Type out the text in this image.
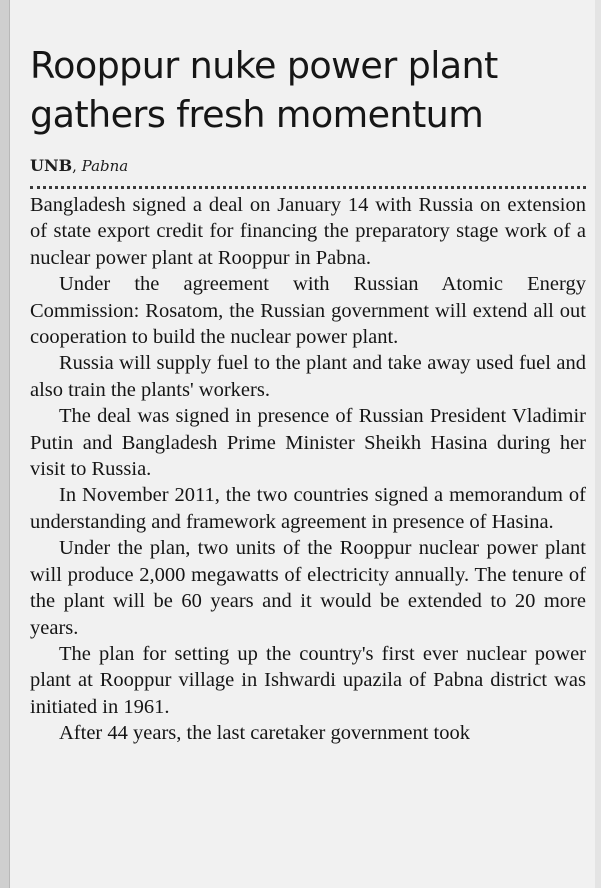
Rooppur nuke power plant
gathers fresh momentum
UNB, Pabna

Bangladesh signed a deal on January 14 with Russia on extension of state export credit for financing the preparatory stage work of a nuclear power plant at Rooppur in Pabna.

Under the agreement with Russian Atomic Energy Commission: Rosatom, the Russian government will extend all out cooperation to build the nuclear power plant.

Russia will supply fuel to the plant and take away used fuel and also train the plants' workers.

The deal was signed in presence of Russian President Vladimir Putin and Bangladesh Prime Minister Sheikh Hasina during her visit to Russia.

In November 2011, the two countries signed a memorandum of understanding and framework agreement in presence of Hasina.

Under the plan, two units of the Rooppur nuclear power plant will produce 2,000 megawatts of electricity annually. The tenure of the plant will be 60 years and it would be extended to 20 more years.

The plan for setting up the country's first ever nuclear power plant at Rooppur village in Ishwardi upazila of Pabna district was initiated in 1961.

After 44 years, the last caretaker government took
